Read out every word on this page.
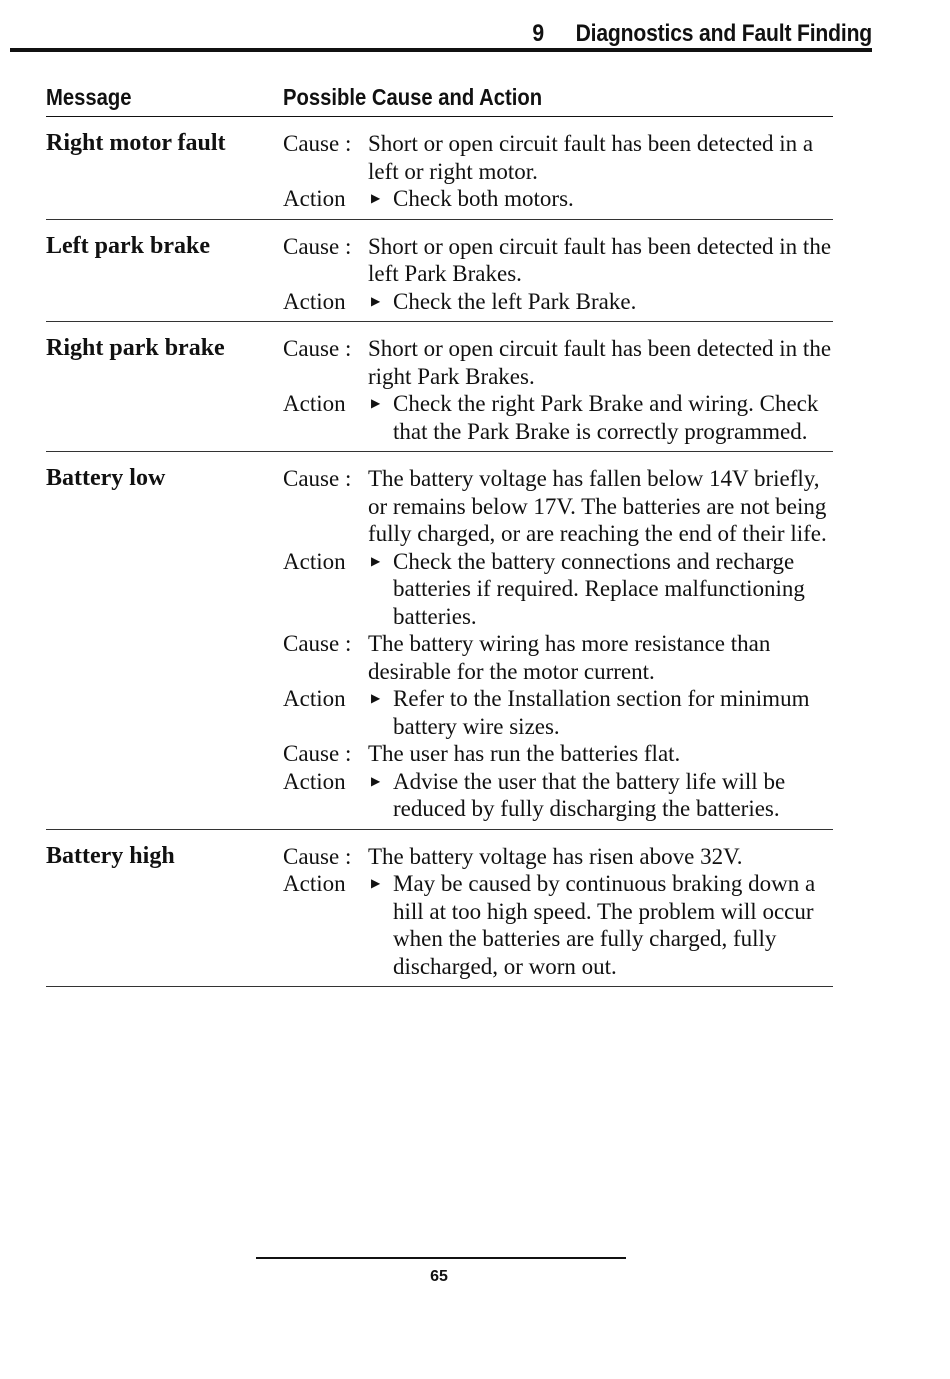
9 Diagnostics and Fault Finding
Message	Possible Cause and Action
Right motor fault Cause : Short or open circuit fault has been detected in a left or right motor.
Action ▶ Check both motors.
Left park brake	Cause : Short or open circuit fault has been detected in the left Park Brakes.
Action ▶ Check the left Park Brake.
Right park brake	Cause : Short or open circuit fault has been detected in the right Park Brakes.
Action ▶ Check the right Park Brake and wiring. Check that the Park Brake is correctly programmed.
Battery low	Cause : The battery voltage has fallen below 14V briefly, or remains below 17V. The batteries are not being fully charged, or are reaching the end of their life.
Action ▶ Check the battery connections and recharge batteries if required. Replace malfunctioning batteries.
Cause : The battery wiring has more resistance than desirable for the motor current.
Action ▶ Refer to the Installation section for minimum battery wire sizes.
Cause : The user has run the batteries flat.
Action ▶ Advise the user that the battery life will be reduced by fully discharging the batteries.
Battery high	Cause : The battery voltage has risen above 32V.
Action ▶ May be caused by continuous braking down a hill at too high speed. The problem will occur when the batteries are fully charged, fully discharged, or worn out.
65
